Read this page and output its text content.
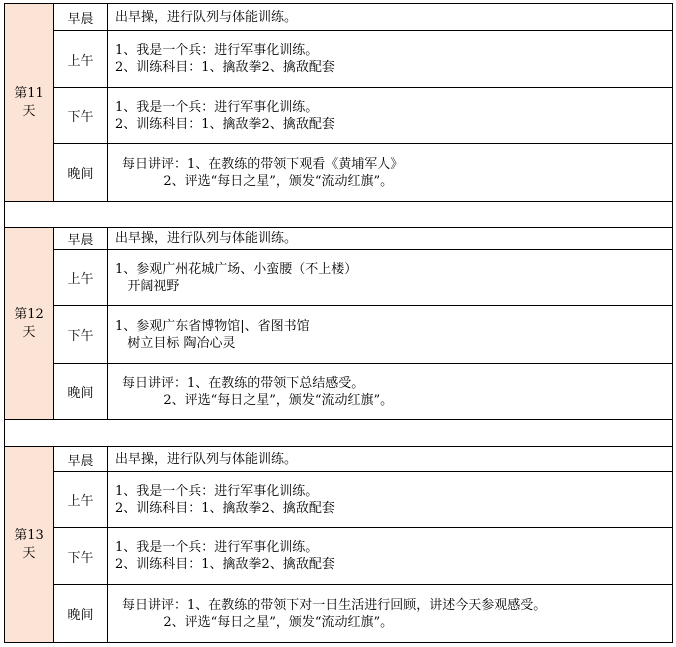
第11
天	早晨	出早操，进行队列与体能训练。

	上午	1、我是一个兵：进行军事化训练。
2、训练科目：1、擒敌拳2、擒敌配套

	下午	1、我是一个兵：进行军事化训练。
2、训练科目：1、擒敌拳2、擒敌配套

	晚间	每日讲评：1、在教练的带领下观看《黄埔军人》
2、评选“每日之星”，颁发“流动红旗”。

第12
天	早晨	出早操，进行队列与体能训练。

	上午	1、参观广州花城广场、小蛮腰（不上楼）
开阔视野

	下午	1、参观广东省博物馆|、省图书馆
树立目标 陶冶心灵

	晚间	每日讲评：1、在教练的带领下总结感受。
2、评选“每日之星”，颁发“流动红旗”。

第13
天	早晨	出早操，进行队列与体能训练。

	上午	1、我是一个兵：进行军事化训练。
2、训练科目：1、擒敌拳2、擒敌配套

	下午	1、我是一个兵：进行军事化训练。
2、训练科目：1、擒敌拳2、擒敌配套

	晚间	每日讲评：1、在教练的带领下对一日生活进行回顾，讲述今天参观感受。
2、评选“每日之星”，颁发“流动红旗”。
